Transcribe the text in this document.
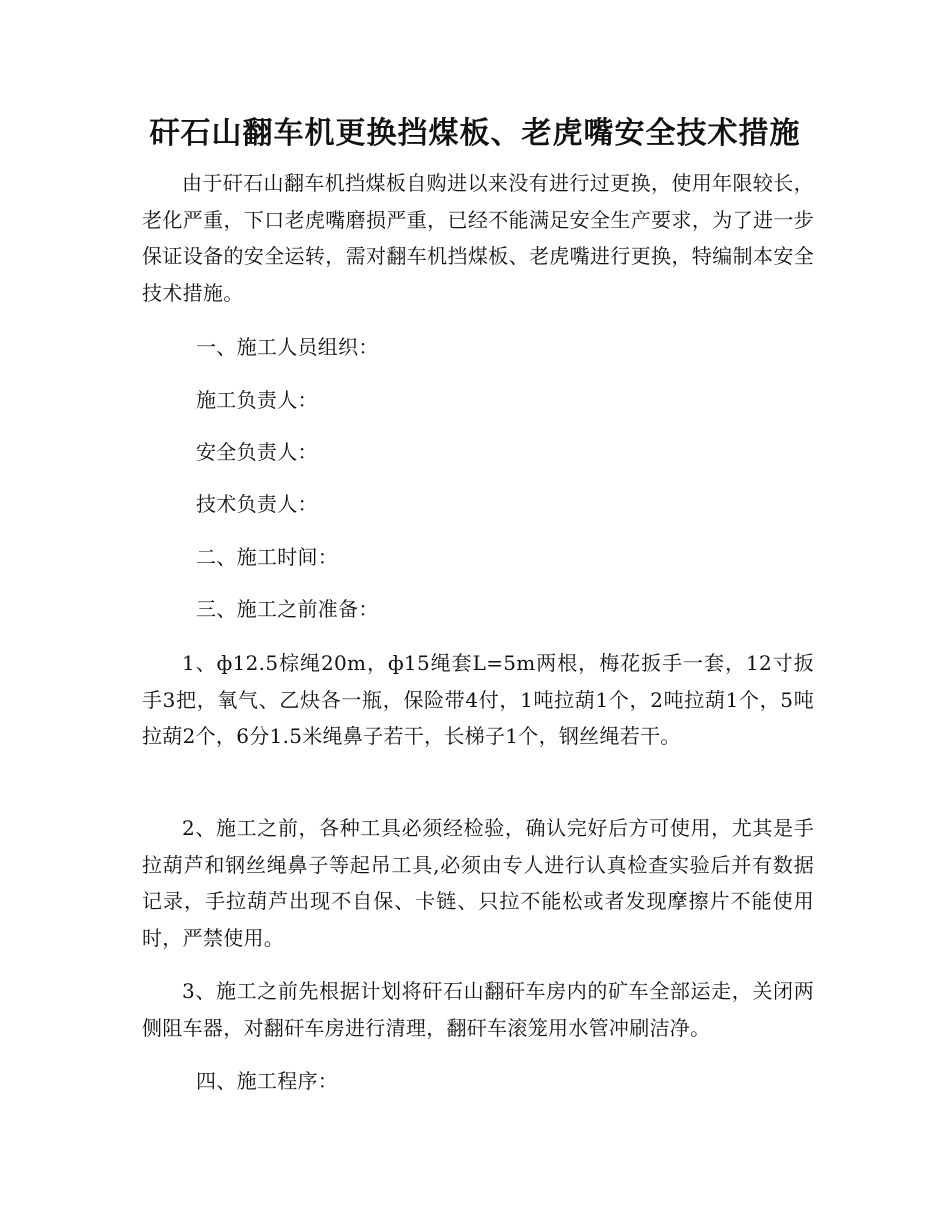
矸石山翻车机更换挡煤板、老虎嘴安全技术措施

由于矸石山翻车机挡煤板自购进以来没有进行过更换，使用年限较长，老化严重，下口老虎嘴磨损严重，已经不能满足安全生产要求，为了进一步保证设备的安全运转，需对翻车机挡煤板、老虎嘴进行更换，特编制本安全技术措施。

一、施工人员组织：

施工负责人：

安全负责人：

技术负责人：

二、施工时间：

三、施工之前准备：

1、ф12.5棕绳20m，ф15绳套L=5m两根，梅花扳手一套，12寸扳手3把，氧气、乙炔各一瓶，保险带4付，1吨拉葫1个，2吨拉葫1个，5吨拉葫2个，6分1.5米绳鼻子若干，长梯子1个，钢丝绳若干。

2、施工之前，各种工具必须经检验，确认完好后方可使用，尤其是手拉葫芦和钢丝绳鼻子等起吊工具,必须由专人进行认真检查实验后并有数据记录，手拉葫芦出现不自保、卡链、只拉不能松或者发现摩擦片不能使用时，严禁使用。

3、施工之前先根据计划将矸石山翻矸车房内的矿车全部运走，关闭两侧阻车器，对翻矸车房进行清理，翻矸车滚笼用水管冲刷洁净。

四、施工程序：
